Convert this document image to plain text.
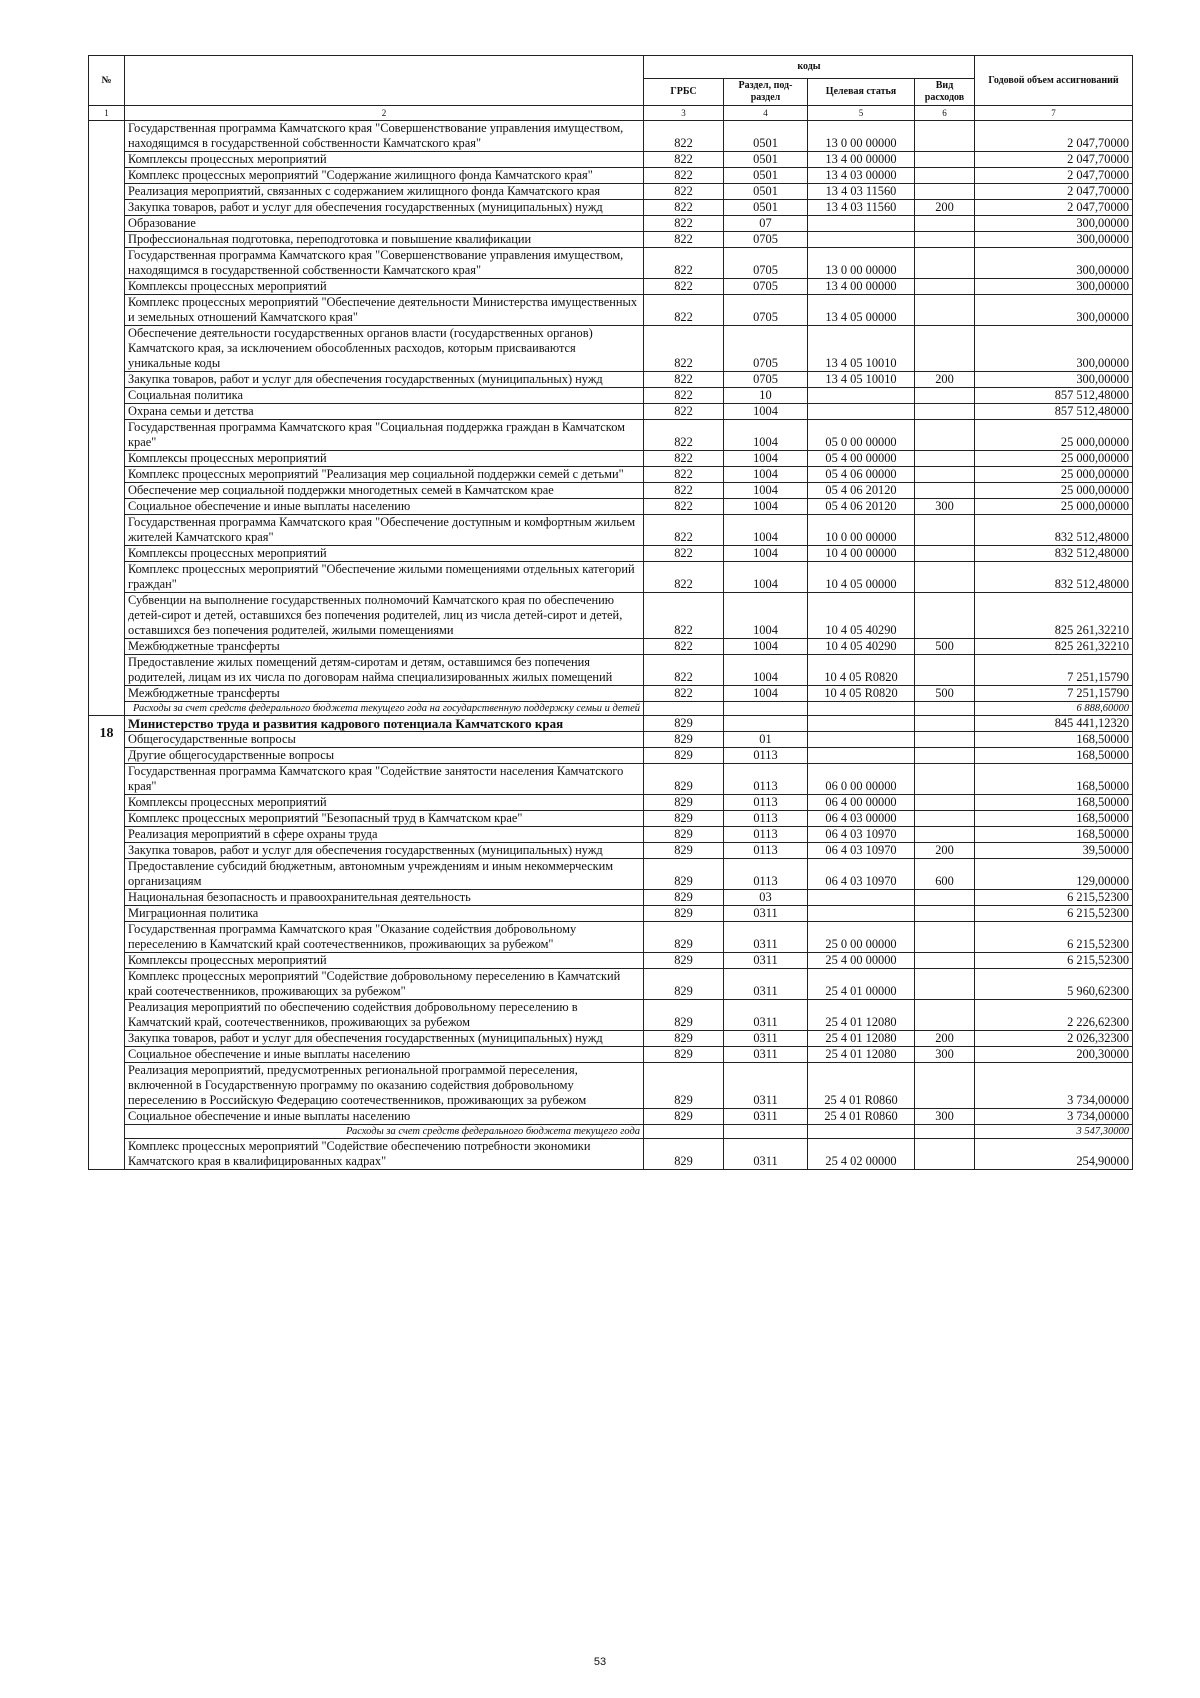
№		коды				Годовой объем ассигнований
		ГРБС	Раздел, под-раздел	Целевая статья	Вид расходов	
1	2	3	4	5	6	7
	Государственная программа Камчатского края "Совершенствование управления имуществом, находящимся в государственной собственности Камчатского края"	822	0501	13 0 00 00000		2 047,70000
	Комплексы процессных мероприятий	822	0501	13 4 00 00000		2 047,70000
	Комплекс процессных мероприятий "Содержание жилищного фонда Камчатского края"	822	0501	13 4 03 00000		2 047,70000
	Реализация мероприятий, связанных с содержанием жилищного фонда Камчатского края	822	0501	13 4 03 11560		2 047,70000
	Закупка товаров, работ и услуг для обеспечения государственных (муниципальных) нужд	822	0501	13 4 03 11560	200	2 047,70000
	Образование	822	07			300,00000
	Профессиональная подготовка, переподготовка и повышение квалификации	822	0705			300,00000
	Государственная программа Камчатского края "Совершенствование управления имуществом, находящимся в государственной собственности Камчатского края"	822	0705	13 0 00 00000		300,00000
	Комплексы процессных мероприятий	822	0705	13 4 00 00000		300,00000
	Комплекс процессных мероприятий "Обеспечение деятельности Министерства имущественных и земельных отношений Камчатского края"	822	0705	13 4 05 00000		300,00000
	Обеспечение деятельности государственных органов власти (государственных органов) Камчатского края, за исключением обособленных расходов, которым присваиваются уникальные коды	822	0705	13 4 05 10010		300,00000
	Закупка товаров, работ и услуг для обеспечения государственных (муниципальных) нужд	822	0705	13 4 05 10010	200	300,00000
	Социальная политика	822	10			857 512,48000
	Охрана семьи и детства	822	1004			857 512,48000
	Государственная программа Камчатского края "Социальная поддержка граждан в Камчатском крае"	822	1004	05 0 00 00000		25 000,00000
	Комплексы процессных мероприятий	822	1004	05 4 00 00000		25 000,00000
	Комплекс процессных мероприятий "Реализация мер социальной поддержки семей с детьми"	822	1004	05 4 06 00000		25 000,00000
	Обеспечение мер социальной поддержки многодетных семей в Камчатском крае	822	1004	05 4 06 20120		25 000,00000
	Социальное обеспечение и иные выплаты населению	822	1004	05 4 06 20120	300	25 000,00000
	Государственная программа Камчатского края "Обеспечение доступным и комфортным жильем жителей Камчатского края"	822	1004	10 0 00 00000		832 512,48000
	Комплексы процессных мероприятий	822	1004	10 4 00 00000		832 512,48000
	Комплекс процессных мероприятий "Обеспечение жилыми помещениями отдельных категорий граждан"	822	1004	10 4 05 00000		832 512,48000
	Субвенции на выполнение государственных полномочий Камчатского края по обеспечению детей-сирот и детей, оставшихся без попечения родителей, лиц из числа детей-сирот и детей, оставшихся без попечения родителей, жилыми помещениями	822	1004	10 4 05 40290		825 261,32210
	Межбюджетные трансферты	822	1004	10 4 05 40290	500	825 261,32210
	Предоставление жилых помещений детям-сиротам и детям, оставшимся без попечения родителей, лицам из их числа по договорам найма специализированных жилых помещений	822	1004	10 4 05 R0820		7 251,15790
	Межбюджетные трансферты	822	1004	10 4 05 R0820	500	7 251,15790
	Расходы за счет средств федерального бюджета текущего года на государственную поддержку семьи и детей					6 888,60000
18	Министерство труда и развития кадрового потенциала Камчатского края	829				845 441,12320
	Общегосударственные вопросы	829	01			168,50000
	Другие общегосударственные вопросы	829	0113			168,50000
	Государственная программа Камчатского края "Содействие занятости населения Камчатского края"	829	0113	06 0 00 00000		168,50000
	Комплексы процессных мероприятий	829	0113	06 4 00 00000		168,50000
	Комплекс процессных мероприятий "Безопасный труд в Камчатском крае"	829	0113	06 4 03 00000		168,50000
	Реализация мероприятий в сфере охраны труда	829	0113	06 4 03 10970		168,50000
	Закупка товаров, работ и услуг для обеспечения государственных (муниципальных) нужд	829	0113	06 4 03 10970	200	39,50000
	Предоставление субсидий бюджетным, автономным учреждениям и иным некоммерческим организациям	829	0113	06 4 03 10970	600	129,00000
	Национальная безопасность и правоохранительная деятельность	829	03			6 215,52300
	Миграционная политика	829	0311			6 215,52300
	Государственная программа Камчатского края "Оказание содействия добровольному переселению в Камчатский край соотечественников, проживающих за рубежом"	829	0311	25 0 00 00000		6 215,52300
	Комплексы процессных мероприятий	829	0311	25 4 00 00000		6 215,52300
	Комплекс процессных мероприятий "Содействие добровольному переселению в Камчатский край соотечественников, проживающих за рубежом"	829	0311	25 4 01 00000		5 960,62300
	Реализация мероприятий по обеспечению содействия добровольному переселению в Камчатский край, соотечественников, проживающих за рубежом	829	0311	25 4 01 12080		2 226,62300
	Закупка товаров, работ и услуг для обеспечения государственных (муниципальных) нужд	829	0311	25 4 01 12080	200	2 026,32300
	Социальное обеспечение и иные выплаты населению	829	0311	25 4 01 12080	300	200,30000
	Реализация мероприятий, предусмотренных региональной программой переселения, включенной в Государственную программу по оказанию содействия добровольному переселению в Российскую Федерацию соотечественников, проживающих за рубежом	829	0311	25 4 01 R0860		3 734,00000
	Социальное обеспечение и иные выплаты населению	829	0311	25 4 01 R0860	300	3 734,00000
	Расходы за счет средств федерального бюджета текущего года					3 547,30000
	Комплекс процессных мероприятий "Содействие обеспечению потребности экономики Камчатского края в квалифицированных кадрах"	829	0311	25 4 02 00000		254,90000
53
